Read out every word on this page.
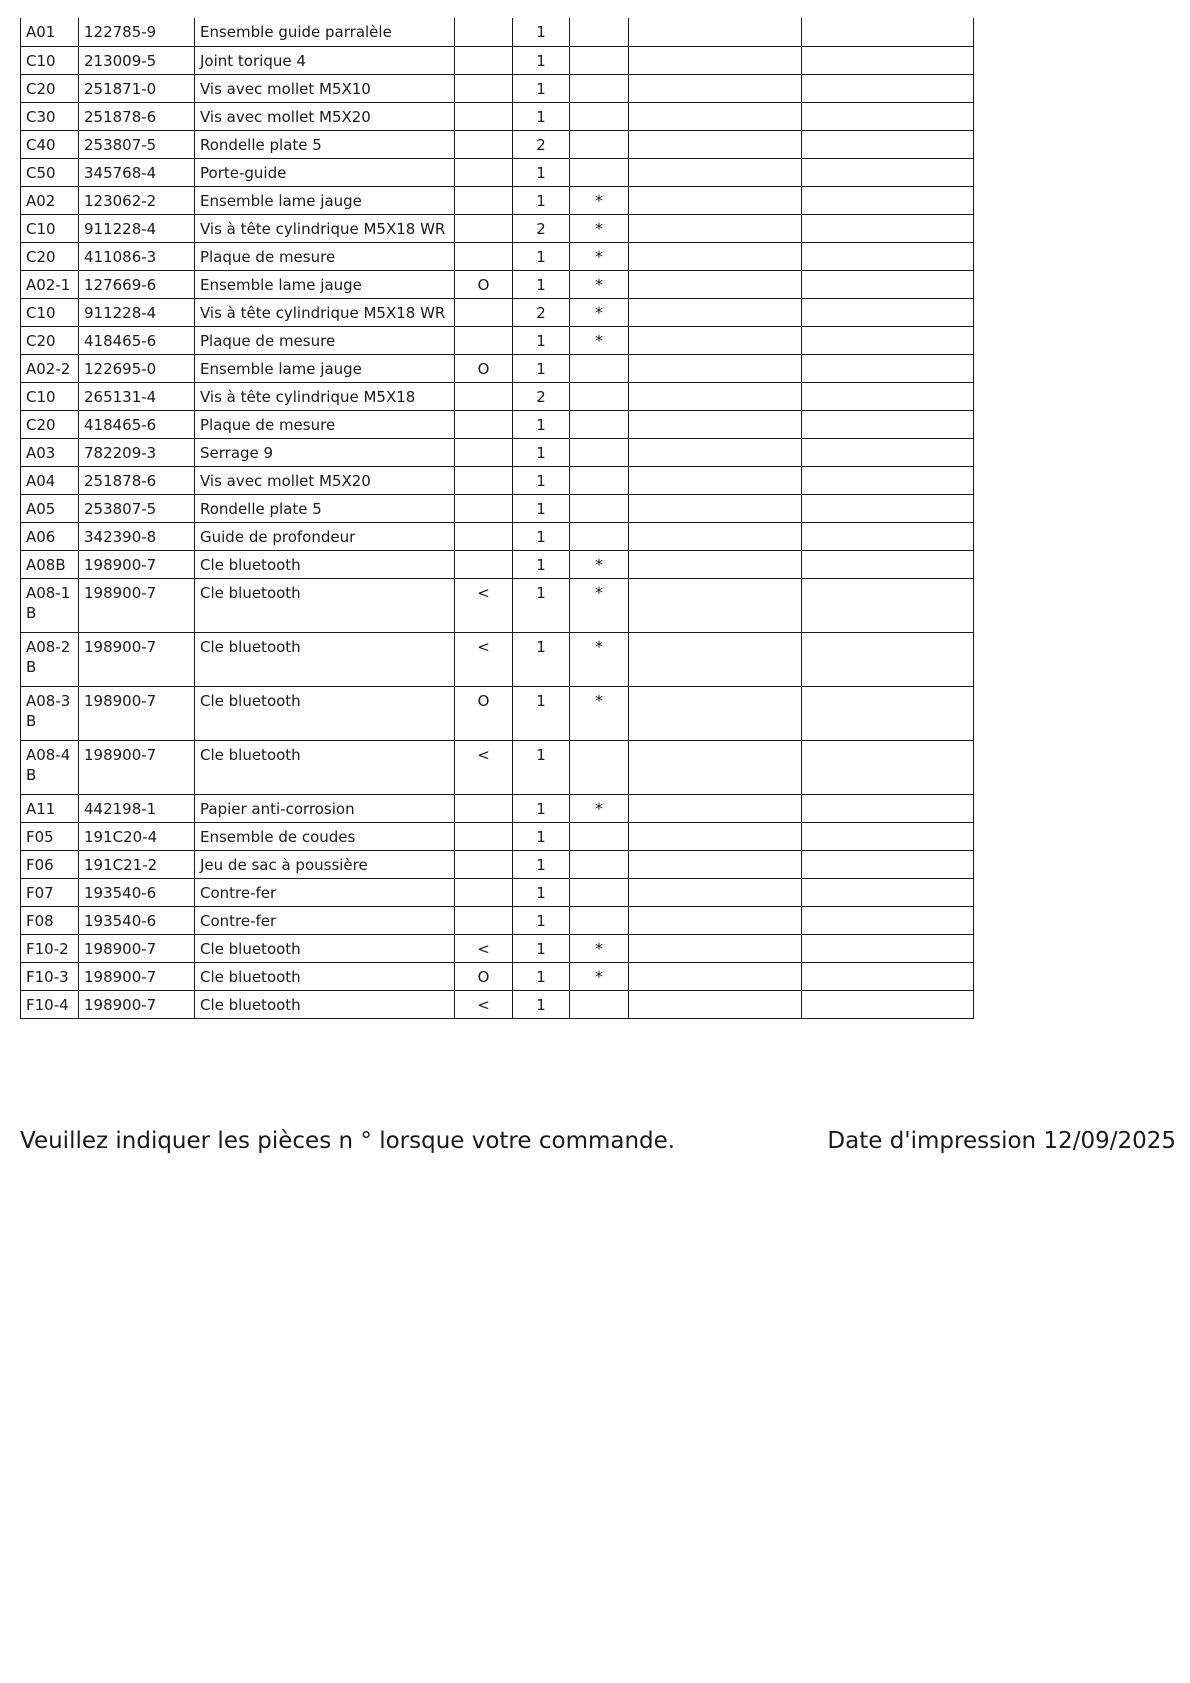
A01	122785-9	Ensemble guide parralèle		1			
C10	213009-5	Joint torique 4		1			
C20	251871-0	Vis avec mollet M5X10		1			
C30	251878-6	Vis avec mollet M5X20		1			
C40	253807-5	Rondelle plate 5		2			
C50	345768-4	Porte-guide		1			
A02	123062-2	Ensemble lame jauge		1	*		
C10	911228-4	Vis à tête cylindrique M5X18 WR		2	*		
C20	411086-3	Plaque de mesure		1	*		
A02-1	127669-6	Ensemble lame jauge	O	1	*		
C10	911228-4	Vis à tête cylindrique M5X18 WR		2	*		
C20	418465-6	Plaque de mesure		1	*		
A02-2	122695-0	Ensemble lame jauge	O	1			
C10	265131-4	Vis à tête cylindrique M5X18		2			
C20	418465-6	Plaque de mesure		1			
A03	782209-3	Serrage 9		1			
A04	251878-6	Vis avec mollet M5X20		1			
A05	253807-5	Rondelle plate 5		1			
A06	342390-8	Guide de profondeur		1			
A08B	198900-7	Cle bluetooth		1	*		
A08-1B	198900-7	Cle bluetooth	<	1	*		
A08-2B	198900-7	Cle bluetooth	<	1	*		
A08-3B	198900-7	Cle bluetooth	O	1	*		
A08-4B	198900-7	Cle bluetooth	<	1			
A11	442198-1	Papier anti-corrosion		1	*		
F05	191C20-4	Ensemble de coudes		1			
F06	191C21-2	Jeu de sac à poussière		1			
F07	193540-6	Contre-fer		1			
F08	193540-6	Contre-fer		1			
F10-2	198900-7	Cle bluetooth	<	1	*		
F10-3	198900-7	Cle bluetooth	O	1	*		
F10-4	198900-7	Cle bluetooth	<	1			
Veuillez indiquer les pièces n ° lorsque votre commande.	Date d'impression 12/09/2025
